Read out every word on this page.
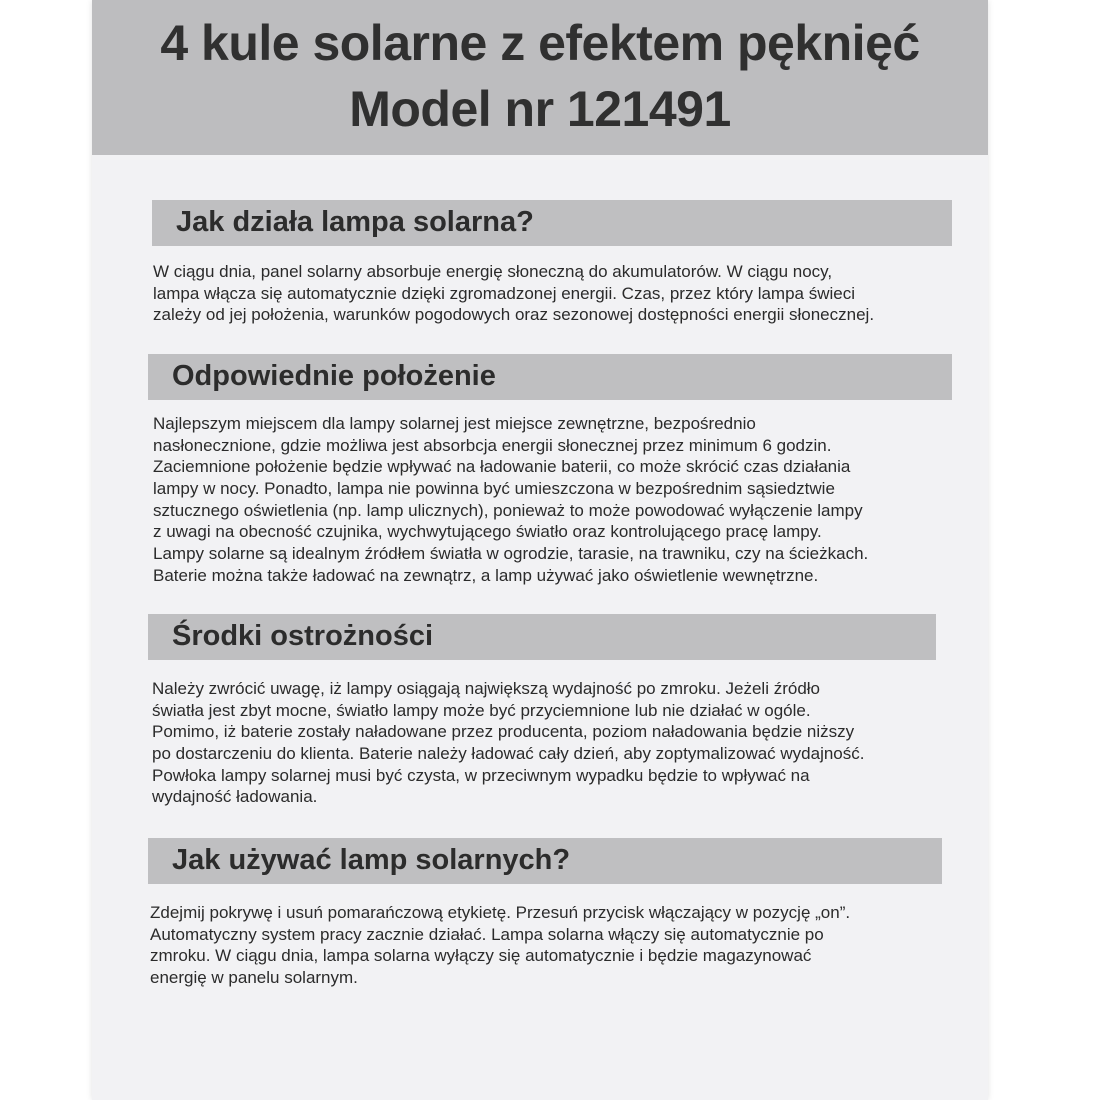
4 kule solarne z efektem pęknięć
Model nr 121491
Jak działa lampa solarna?
W ciągu dnia, panel solarny absorbuje energię słoneczną do akumulatorów. W ciągu nocy,
lampa włącza się automatycznie dzięki zgromadzonej energii. Czas, przez który lampa świeci
zależy od jej położenia, warunków pogodowych oraz sezonowej dostępności energii słonecznej.
Odpowiednie położenie
Najlepszym miejscem dla lampy solarnej jest miejsce zewnętrzne, bezpośrednio
nasłonecznione, gdzie możliwa jest absorbcja energii słonecznej przez minimum 6 godzin.
Zaciemnione położenie będzie wpływać na ładowanie baterii, co może skrócić czas działania
lampy w nocy. Ponadto, lampa nie powinna być umieszczona w bezpośrednim sąsiedztwie
sztucznego oświetlenia (np. lamp ulicznych), ponieważ to może powodować wyłączenie lampy
z uwagi na obecność czujnika, wychwytującego światło oraz kontrolującego pracę lampy.
Lampy solarne są idealnym źródłem światła w ogrodzie, tarasie, na trawniku, czy na ścieżkach.
Baterie można także ładować na zewnątrz, a lamp używać jako oświetlenie wewnętrzne.
Środki ostrożności
Należy zwrócić uwagę, iż lampy osiągają największą wydajność po zmroku. Jeżeli źródło
światła jest zbyt mocne, światło lampy może być przyciemnione lub nie działać w ogóle.
Pomimo, iż baterie zostały naładowane przez producenta, poziom naładowania będzie niższy
po dostarczeniu do klienta. Baterie należy ładować cały dzień, aby zoptymalizować wydajność.
Powłoka lampy solarnej musi być czysta, w przeciwnym wypadku będzie to wpływać na
wydajność ładowania.
Jak używać lamp solarnych?
Zdejmij pokrywę i usuń pomarańczową etykietę. Przesuń przycisk włączający w pozycję „on”.
Automatyczny system pracy zacznie działać. Lampa solarna włączy się automatycznie po
zmroku. W ciągu dnia, lampa solarna wyłączy się automatycznie i będzie magazynować
energię w panelu solarnym.
